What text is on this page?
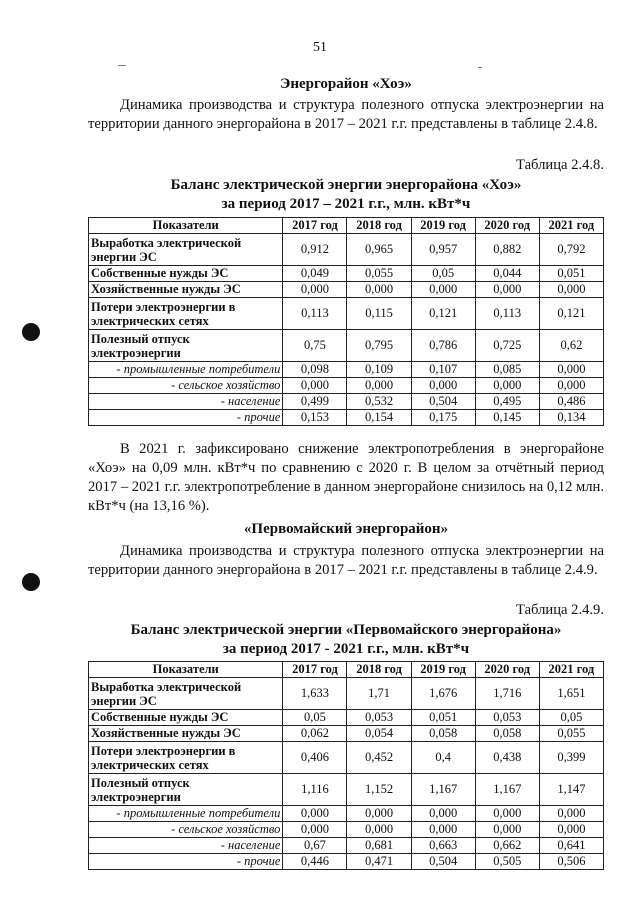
51
Энергорайон «Хоэ»
Динамика производства и структура полезного отпуска электроэнергии на территории данного энергорайона в 2017 – 2021 г.г. представлены в таблице 2.4.8.
Таблица 2.4.8.
Баланс электрической энергии энергорайона «Хоэ»
за период 2017 – 2021 г.г., млн. кВт*ч
Показатели	2017 год	2018 год	2019 год	2020 год	2021 год
Выработка электрической энергии ЭС	0,912	0,965	0,957	0,882	0,792
Собственные нужды ЭС	0,049	0,055	0,05	0,044	0,051
Хозяйственные нужды ЭС	0,000	0,000	0,000	0,000	0,000
Потери электроэнергии в электрических сетях	0,113	0,115	0,121	0,113	0,121
Полезный отпуск электроэнергии	0,75	0,795	0,786	0,725	0,62
- промышленные потребители	0,098	0,109	0,107	0,085	0,000
- сельское хозяйство	0,000	0,000	0,000	0,000	0,000
- население	0,499	0,532	0,504	0,495	0,486
- прочие	0,153	0,154	0,175	0,145	0,134
В 2021 г. зафиксировано снижение электропотребления в энергорайоне «Хоэ» на 0,09 млн. кВт*ч по сравнению с 2020 г. В целом за отчётный период 2017 – 2021 г.г. электропотребление в данном энергорайоне снизилось на 0,12 млн. кВт*ч (на 13,16 %).
«Первомайский энергорайон»
Динамика производства и структура полезного отпуска электроэнергии на территории данного энергорайона в 2017 – 2021 г.г. представлены в таблице 2.4.9.
Таблица 2.4.9.
Баланс электрической энергии «Первомайского энергорайона»
за период 2017 - 2021 г.г., млн. кВт*ч
Показатели	2017 год	2018 год	2019 год	2020 год	2021 год
Выработка электрической энергии ЭС	1,633	1,71	1,676	1,716	1,651
Собственные нужды ЭС	0,05	0,053	0,051	0,053	0,05
Хозяйственные нужды ЭС	0,062	0,054	0,058	0,058	0,055
Потери электроэнергии в электрических сетях	0,406	0,452	0,4	0,438	0,399
Полезный отпуск электроэнергии	1,116	1,152	1,167	1,167	1,147
- промышленные потребители	0,000	0,000	0,000	0,000	0,000
- сельское хозяйство	0,000	0,000	0,000	0,000	0,000
- население	0,67	0,681	0,663	0,662	0,641
- прочие	0,446	0,471	0,504	0,505	0,506
